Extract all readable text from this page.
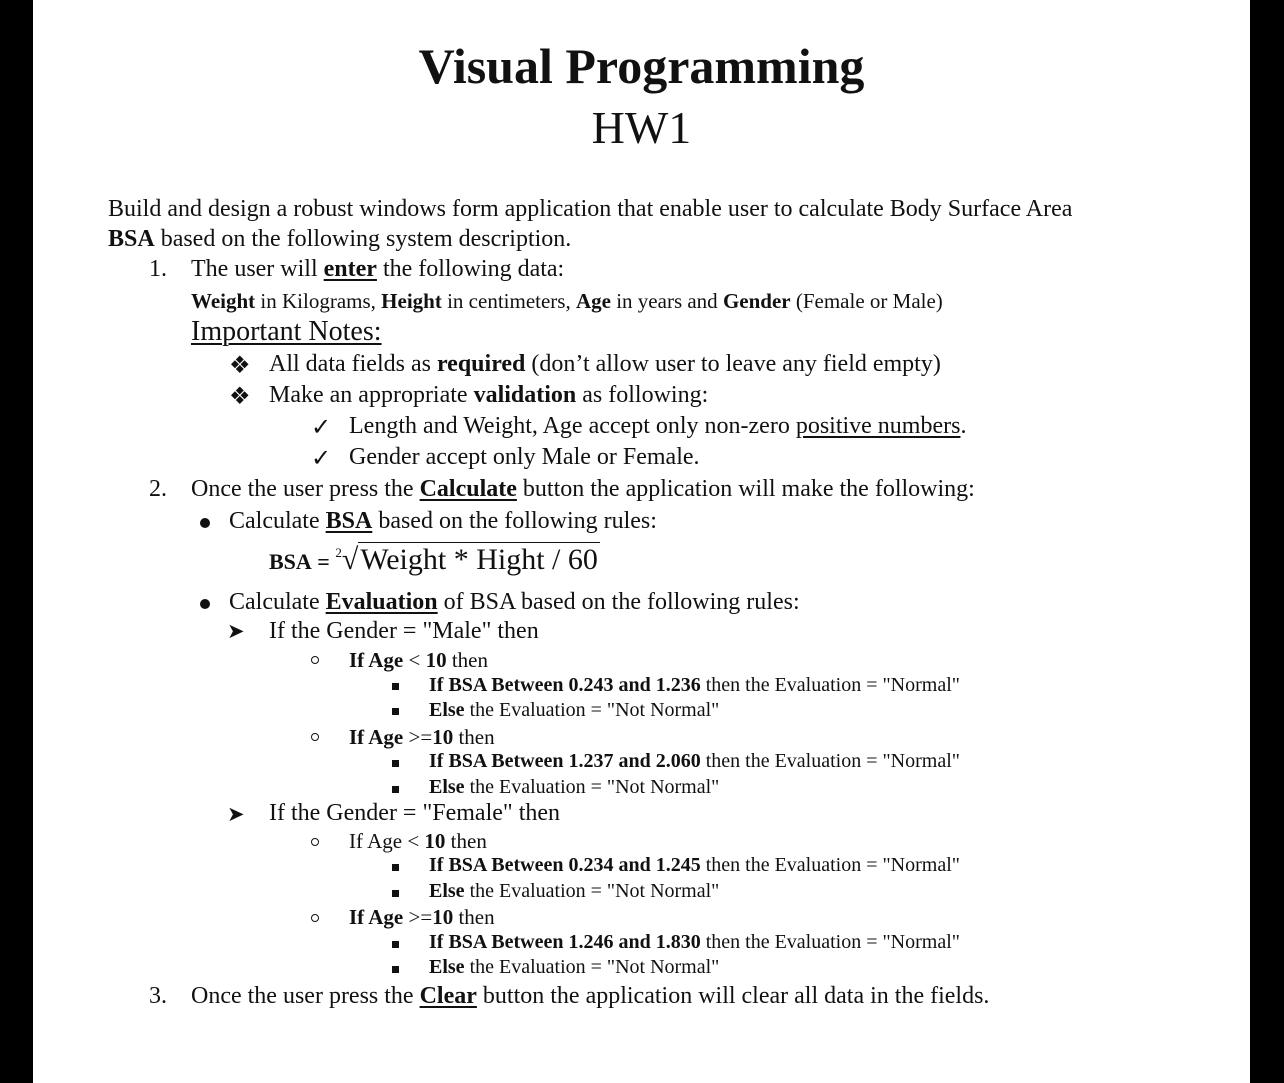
Visual Programming
HW1
Build and design a robust windows form application that enable user to calculate Body Surface Area
BSA based on the following system description.
1. The user will enter the following data:
Weight in Kilograms, Height in centimeters, Age in years and Gender (Female or Male)
Important Notes:
❖ All data fields as required (don’t allow user to leave any field empty)
❖ Make an appropriate validation as following:
✓ Length and Weight, Age accept only non-zero positive numbers.
✓ Gender accept only Male or Female.
2. Once the user press the Calculate button the application will make the following:
Calculate BSA based on the following rules:
BSA = $^2$√Weight * Hight / 60
Calculate Evaluation of BSA based on the following rules:
➤ If the Gender = "Male" then
If Age < 10 then
If BSA Between 0.243 and 1.236 then the Evaluation = "Normal"
Else the Evaluation = "Not Normal"
If Age >=10 then
If BSA Between 1.237 and 2.060 then the Evaluation = "Normal"
Else the Evaluation = "Not Normal"
➤ If the Gender = "Female" then
If Age < 10 then
If BSA Between 0.234 and 1.245 then the Evaluation = "Normal"
Else the Evaluation = "Not Normal"
If Age >=10 then
If BSA Between 1.246 and 1.830 then the Evaluation = "Normal"
Else the Evaluation = "Not Normal"
3. Once the user press the Clear button the application will clear all data in the fields.
